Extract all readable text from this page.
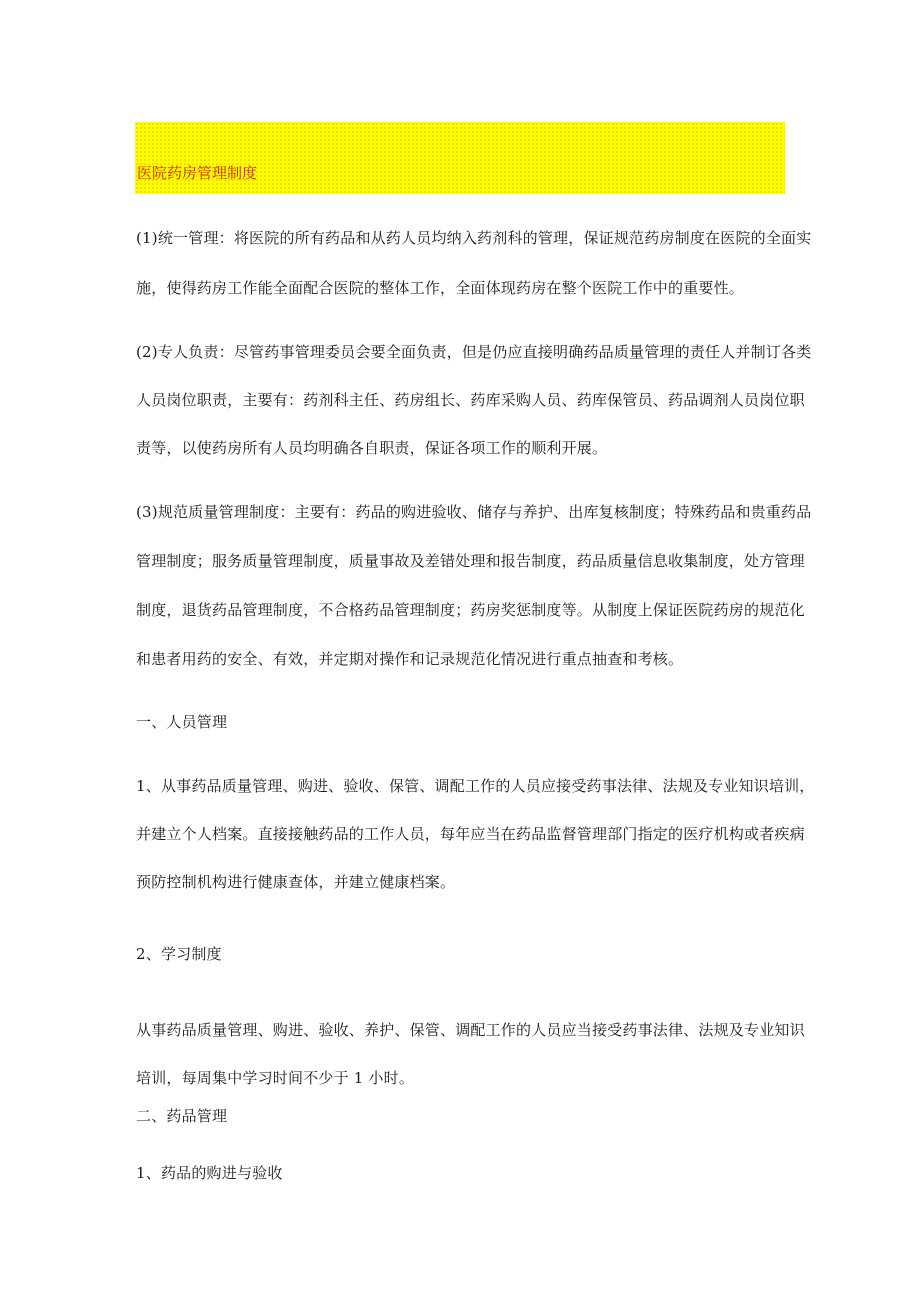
医院药房管理制度
(1)统一管理：将医院的所有药品和从药人员均纳入药剂科的管理，保证规范药房制度在医院的全面实
施，使得药房工作能全面配合医院的整体工作，全面体现药房在整个医院工作中的重要性。
(2)专人负责：尽管药事管理委员会要全面负责，但是仍应直接明确药品质量管理的责任人并制订各类
人员岗位职责，主要有：药剂科主任、药房组长、药库采购人员、药库保管员、药品调剂人员岗位职
责等，以使药房所有人员均明确各自职责，保证各项工作的顺利开展。
(3)规范质量管理制度：主要有：药品的购进验收、储存与养护、出库复核制度；特殊药品和贵重药品
管理制度；服务质量管理制度，质量事故及差错处理和报告制度，药品质量信息收集制度，处方管理
制度，退货药品管理制度，不合格药品管理制度；药房奖惩制度等。从制度上保证医院药房的规范化
和患者用药的安全、有效，并定期对操作和记录规范化情况进行重点抽查和考核。
一、人员管理
1、从事药品质量管理、购进、验收、保管、调配工作的人员应接受药事法律、法规及专业知识培训，
并建立个人档案。直接接触药品的工作人员，每年应当在药品监督管理部门指定的医疗机构或者疾病
预防控制机构进行健康查体，并建立健康档案。
2、学习制度
从事药品质量管理、购进、验收、养护、保管、调配工作的人员应当接受药事法律、法规及专业知识
培训，每周集中学习时间不少于 1 小时。
二、药品管理
1、药品的购进与验收
